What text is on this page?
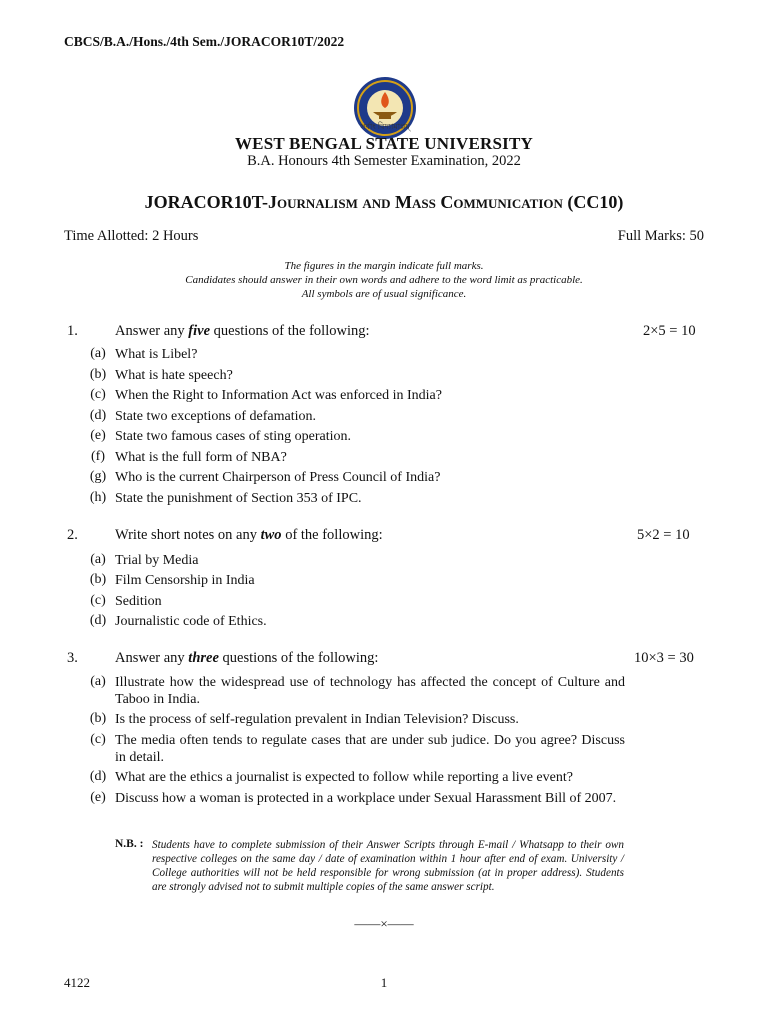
CBCS/B.A./Hons./4th Sem./JORACOR10T/2022
সর্বাং বিদ্যামাপ্নম্
WEST BENGAL STATE UNIVERSITY
B.A. Honours 4th Semester Examination, 2022
JORACOR10T-Journalism and Mass Communication (CC10)
Time Allotted: 2 Hours	Full Marks: 50
The figures in the margin indicate full marks.
Candidates should answer in their own words and adhere to the word limit as practicable.
All symbols are of usual significance.
1.	Answer any five questions of the following:	2×5 = 10
(a) What is Libel?
(b) What is hate speech?
(c) When the Right to Information Act was enforced in India?
(d) State two exceptions of defamation.
(e) State two famous cases of sting operation.
(f) What is the full form of NBA?
(g) Who is the current Chairperson of Press Council of India?
(h) State the punishment of Section 353 of IPC.
2.	Write short notes on any two of the following:	5×2 = 10
(a) Trial by Media
(b) Film Censorship in India
(c) Sedition
(d) Journalistic code of Ethics.
3.	Answer any three questions of the following:	10×3 = 30
(a) Illustrate how the widespread use of technology has affected the concept of Culture and Taboo in India.
(b) Is the process of self-regulation prevalent in Indian Television? Discuss.
(c) The media often tends to regulate cases that are under sub judice. Do you agree? Discuss in detail.
(d) What are the ethics a journalist is expected to follow while reporting a live event?
(e) Discuss how a woman is protected in a workplace under Sexual Harassment Bill of 2007.
N.B. : Students have to complete submission of their Answer Scripts through E-mail / Whatsapp to their own respective colleges on the same day / date of examination within 1 hour after end of exam. University / College authorities will not be held responsible for wrong submission (at in proper address). Students are strongly advised not to submit multiple copies of the same answer script.
——×——
4122	1
